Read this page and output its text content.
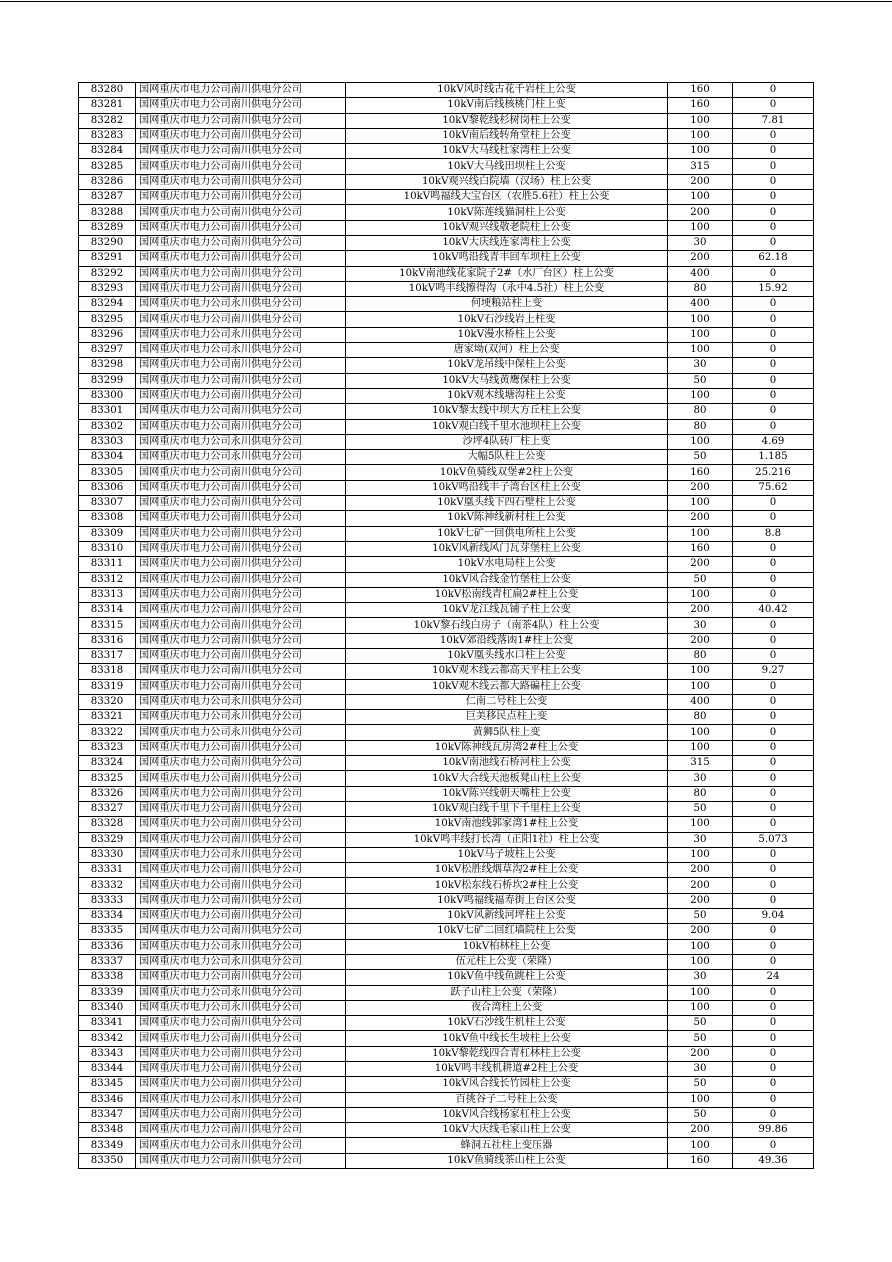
83280	国网重庆市电力公司南川供电分公司	10kV风时线古花千岩柱上公变	160	0
83281	国网重庆市电力公司南川供电分公司	10kV南后线核桃门柱上变	160	0
83282	国网重庆市电力公司南川供电分公司	10kV黎乾线杉树岗柱上公变	100	7.81
83283	国网重庆市电力公司南川供电分公司	10kV南后线转角堂柱上公变	100	0
83284	国网重庆市电力公司南川供电分公司	10kV大马线杜家湾柱上公变	100	0
83285	国网重庆市电力公司南川供电分公司	10kV大马线田坝柱上公变	315	0
83286	国网重庆市电力公司南川供电分公司	10kV观兴线白院墙（汉场）柱上公变	200	0
83287	国网重庆市电力公司南川供电分公司	10kV鸣福线大宝台区（农胜5.6社）柱上公变	100	0
83288	国网重庆市电力公司南川供电分公司	10kV陈莲线猫洞柱上公变	200	0
83289	国网重庆市电力公司南川供电分公司	10kV观兴线敬老院柱上公变	100	0
83290	国网重庆市电力公司南川供电分公司	10kV大庆线连家湾柱上公变	30	0
83291	国网重庆市电力公司南川供电分公司	10kV鸣沿线青丰回车坝柱上公变	200	62.18
83292	国网重庆市电力公司南川供电分公司	10kV南池线花家院子2#（水厂台区）柱上公变	400	0
83293	国网重庆市电力公司南川供电分公司	10kV鸣丰线擦得沟（永中4.5社）柱上公变	80	15.92
83294	国网重庆市电力公司永川供电分公司	何埂粮站柱上变	400	0
83295	国网重庆市电力公司南川供电分公司	10kV石沙线岩上柱变	100	0
83296	国网重庆市电力公司永川供电分公司	10kV漫水桥柱上公变	100	0
83297	国网重庆市电力公司永川供电分公司	唐家坳(双河）柱上公变	100	0
83298	国网重庆市电力公司南川供电分公司	10kV龙吊线中保柱上公变	30	0
83299	国网重庆市电力公司南川供电分公司	10kV大马线黄鹰保柱上公变	50	0
83300	国网重庆市电力公司南川供电分公司	10kV观木线塘沟柱上公变	100	0
83301	国网重庆市电力公司南川供电分公司	10kV黎太线中坝大方丘柱上公变	80	0
83302	国网重庆市电力公司南川供电分公司	10kV观白线千里水池坝柱上公变	80	0
83303	国网重庆市电力公司永川供电分公司	沙坪4队砖厂柱上变	100	4.69
83304	国网重庆市电力公司永川供电分公司	大幅5队柱上公变	50	1.185
83305	国网重庆市电力公司南川供电分公司	10kV鱼骑线双堡#2柱上公变	160	25.216
83306	国网重庆市电力公司南川供电分公司	10kV鸣沿线丰子湾台区柱上公变	200	75.62
83307	国网重庆市电力公司南川供电分公司	10kV凰头线下四石壁柱上公变	100	0
83308	国网重庆市电力公司南川供电分公司	10kV陈神线新村柱上公变	200	0
83309	国网重庆市电力公司南川供电分公司	10kV七矿一回供电所柱上公变	100	8.8
83310	国网重庆市电力公司南川供电分公司	10kV风新线风门瓦芽堡柱上公变	160	0
83311	国网重庆市电力公司南川供电分公司	10kV水电局柱上公变	200	0
83312	国网重庆市电力公司南川供电分公司	10kV风合线金竹堡柱上公变	50	0
83313	国网重庆市电力公司南川供电分公司	10kV松南线青杠扁2#柱上公变	100	0
83314	国网重庆市电力公司南川供电分公司	10kV龙江线瓦铺子柱上公变	200	40.42
83315	国网重庆市电力公司南川供电分公司	10kV黎石线白房子（南茶4队）柱上公变	30	0
83316	国网重庆市电力公司南川供电分公司	10kV郊沿线落凼1#柱上公变	200	0
83317	国网重庆市电力公司南川供电分公司	10kV凰头线水口柱上公变	80	0
83318	国网重庆市电力公司南川供电分公司	10kV观木线云都高天平柱上公变	100	9.27
83319	国网重庆市电力公司南川供电分公司	10kV观木线云都大路碥柱上公变	100	0
83320	国网重庆市电力公司永川供电分公司	仁南二号柱上公变	400	0
83321	国网重庆市电力公司永川供电分公司	巨美移民点柱上变	80	0
83322	国网重庆市电力公司永川供电分公司	黄狮5队柱上变	100	0
83323	国网重庆市电力公司南川供电分公司	10kV陈神线瓦房湾2#柱上公变	100	0
83324	国网重庆市电力公司南川供电分公司	10kV南池线石桥河柱上公变	315	0
83325	国网重庆市电力公司南川供电分公司	10kV大合线天池板凳山柱上公变	30	0
83326	国网重庆市电力公司南川供电分公司	10kV陈兴线朝天嘴柱上公变	80	0
83327	国网重庆市电力公司南川供电分公司	10kV观白线千里下千里柱上公变	50	0
83328	国网重庆市电力公司南川供电分公司	10kV南池线郭家湾1#柱上公变	100	0
83329	国网重庆市电力公司南川供电分公司	10kV鸣丰线打长湾（正阳1社）柱上公变	30	5.073
83330	国网重庆市电力公司永川供电分公司	10kV马子坡柱上公变	100	0
83331	国网重庆市电力公司南川供电分公司	10kV松胜线烟草沟2#柱上公变	200	0
83332	国网重庆市电力公司南川供电分公司	10kV松东线石桥坎2#柱上公变	200	0
83333	国网重庆市电力公司南川供电分公司	10kV鸣福线福寿街上台区公变	200	0
83334	国网重庆市电力公司南川供电分公司	10kV风新线河坪柱上公变	50	9.04
83335	国网重庆市电力公司南川供电分公司	10kV七矿二回红墙院柱上公变	200	0
83336	国网重庆市电力公司永川供电分公司	10kV柏林柱上公变	100	0
83337	国网重庆市电力公司永川供电分公司	伍元柱上公变（荣隆）	100	0
83338	国网重庆市电力公司南川供电分公司	10kV鱼中线鱼跳柱上公变	30	24
83339	国网重庆市电力公司永川供电分公司	跃子山柱上公变（荣隆）	100	0
83340	国网重庆市电力公司永川供电分公司	夜合湾柱上公变	100	0
83341	国网重庆市电力公司南川供电分公司	10kV石沙线生机柱上公变	50	0
83342	国网重庆市电力公司南川供电分公司	10kV鱼中线长生坡柱上公变	50	0
83343	国网重庆市电力公司南川供电分公司	10kV黎乾线四合青杠林柱上公变	200	0
83344	国网重庆市电力公司南川供电分公司	10kV鸣丰线机耕道#2柱上公变	30	0
83345	国网重庆市电力公司南川供电分公司	10kV风合线长竹园柱上公变	50	0
83346	国网重庆市电力公司永川供电分公司	百挑谷子二号柱上公变	100	0
83347	国网重庆市电力公司南川供电分公司	10kV风合线杨家杠柱上公变	50	0
83348	国网重庆市电力公司南川供电分公司	10kV大庆线毛家山柱上公变	200	99.86
83349	国网重庆市电力公司永川供电分公司	蜂洞五社柱上变压器	100	0
83350	国网重庆市电力公司南川供电分公司	10kV鱼骑线茶山柱上公变	160	49.36
